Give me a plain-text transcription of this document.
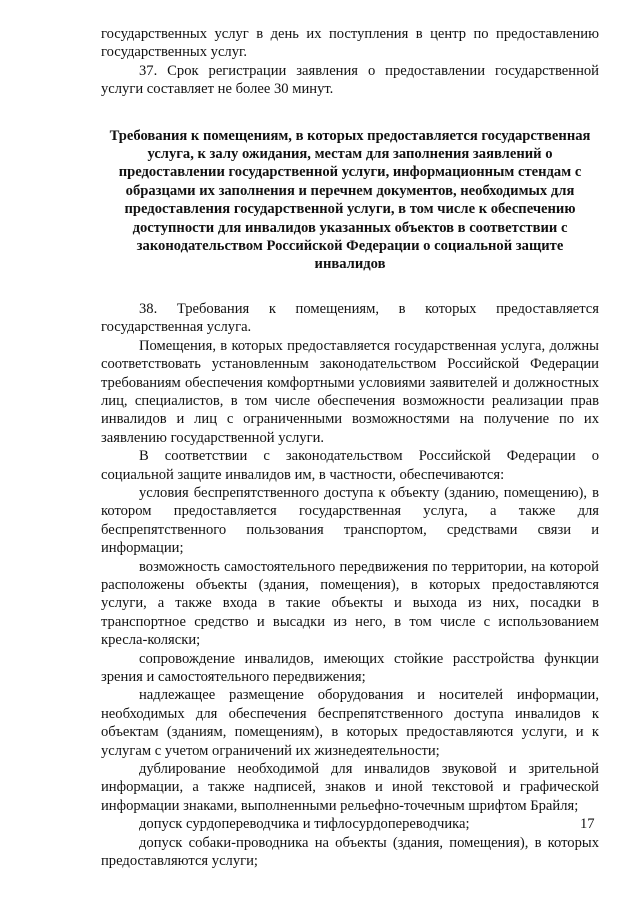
государственных услуг в день их поступления в центр по предоставлению государственных услуг.

37. Срок регистрации заявления о предоставлении государственной услуги составляет не более 30 минут.

Требования к помещениям, в которых предоставляется государственная услуга, к залу ожидания, местам для заполнения заявлений о предоставлении государственной услуги, информационным стендам с образцами их заполнения и перечнем документов, необходимых для предоставления государственной услуги, в том числе к обеспечению доступности для инвалидов указанных объектов в соответствии с законодательством Российской Федерации о социальной защите инвалидов

38. Требования к помещениям, в которых предоставляется государственная услуга.

Помещения, в которых предоставляется государственная услуга, должны соответствовать установленным законодательством Российской Федерации требованиям обеспечения комфортными условиями заявителей и должностных лиц, специалистов, в том числе обеспечения возможности реализации прав инвалидов и лиц с ограниченными возможностями на получение по их заявлению государственной услуги.

В соответствии с законодательством Российской Федерации о социальной защите инвалидов им, в частности, обеспечиваются:

условия беспрепятственного доступа к объекту (зданию, помещению), в котором предоставляется государственная услуга, а также для беспрепятственного пользования транспортом, средствами связи и информации;

возможность самостоятельного передвижения по территории, на которой расположены объекты (здания, помещения), в которых предоставляются услуги, а также входа в такие объекты и выхода из них, посадки в транспортное средство и высадки из него, в том числе с использованием кресла-коляски;

сопровождение инвалидов, имеющих стойкие расстройства функции зрения и самостоятельного передвижения;

надлежащее размещение оборудования и носителей информации, необходимых для обеспечения беспрепятственного доступа инвалидов к объектам (зданиям, помещениям), в которых предоставляются услуги, и к услугам с учетом ограничений их жизнедеятельности;

дублирование необходимой для инвалидов звуковой и зрительной информации, а также надписей, знаков и иной текстовой и графической информации знаками, выполненными рельефно-точечным шрифтом Брайля;

допуск сурдопереводчика и тифлосурдопереводчика;

допуск собаки-проводника на объекты (здания, помещения), в которых предоставляются услуги;

17
